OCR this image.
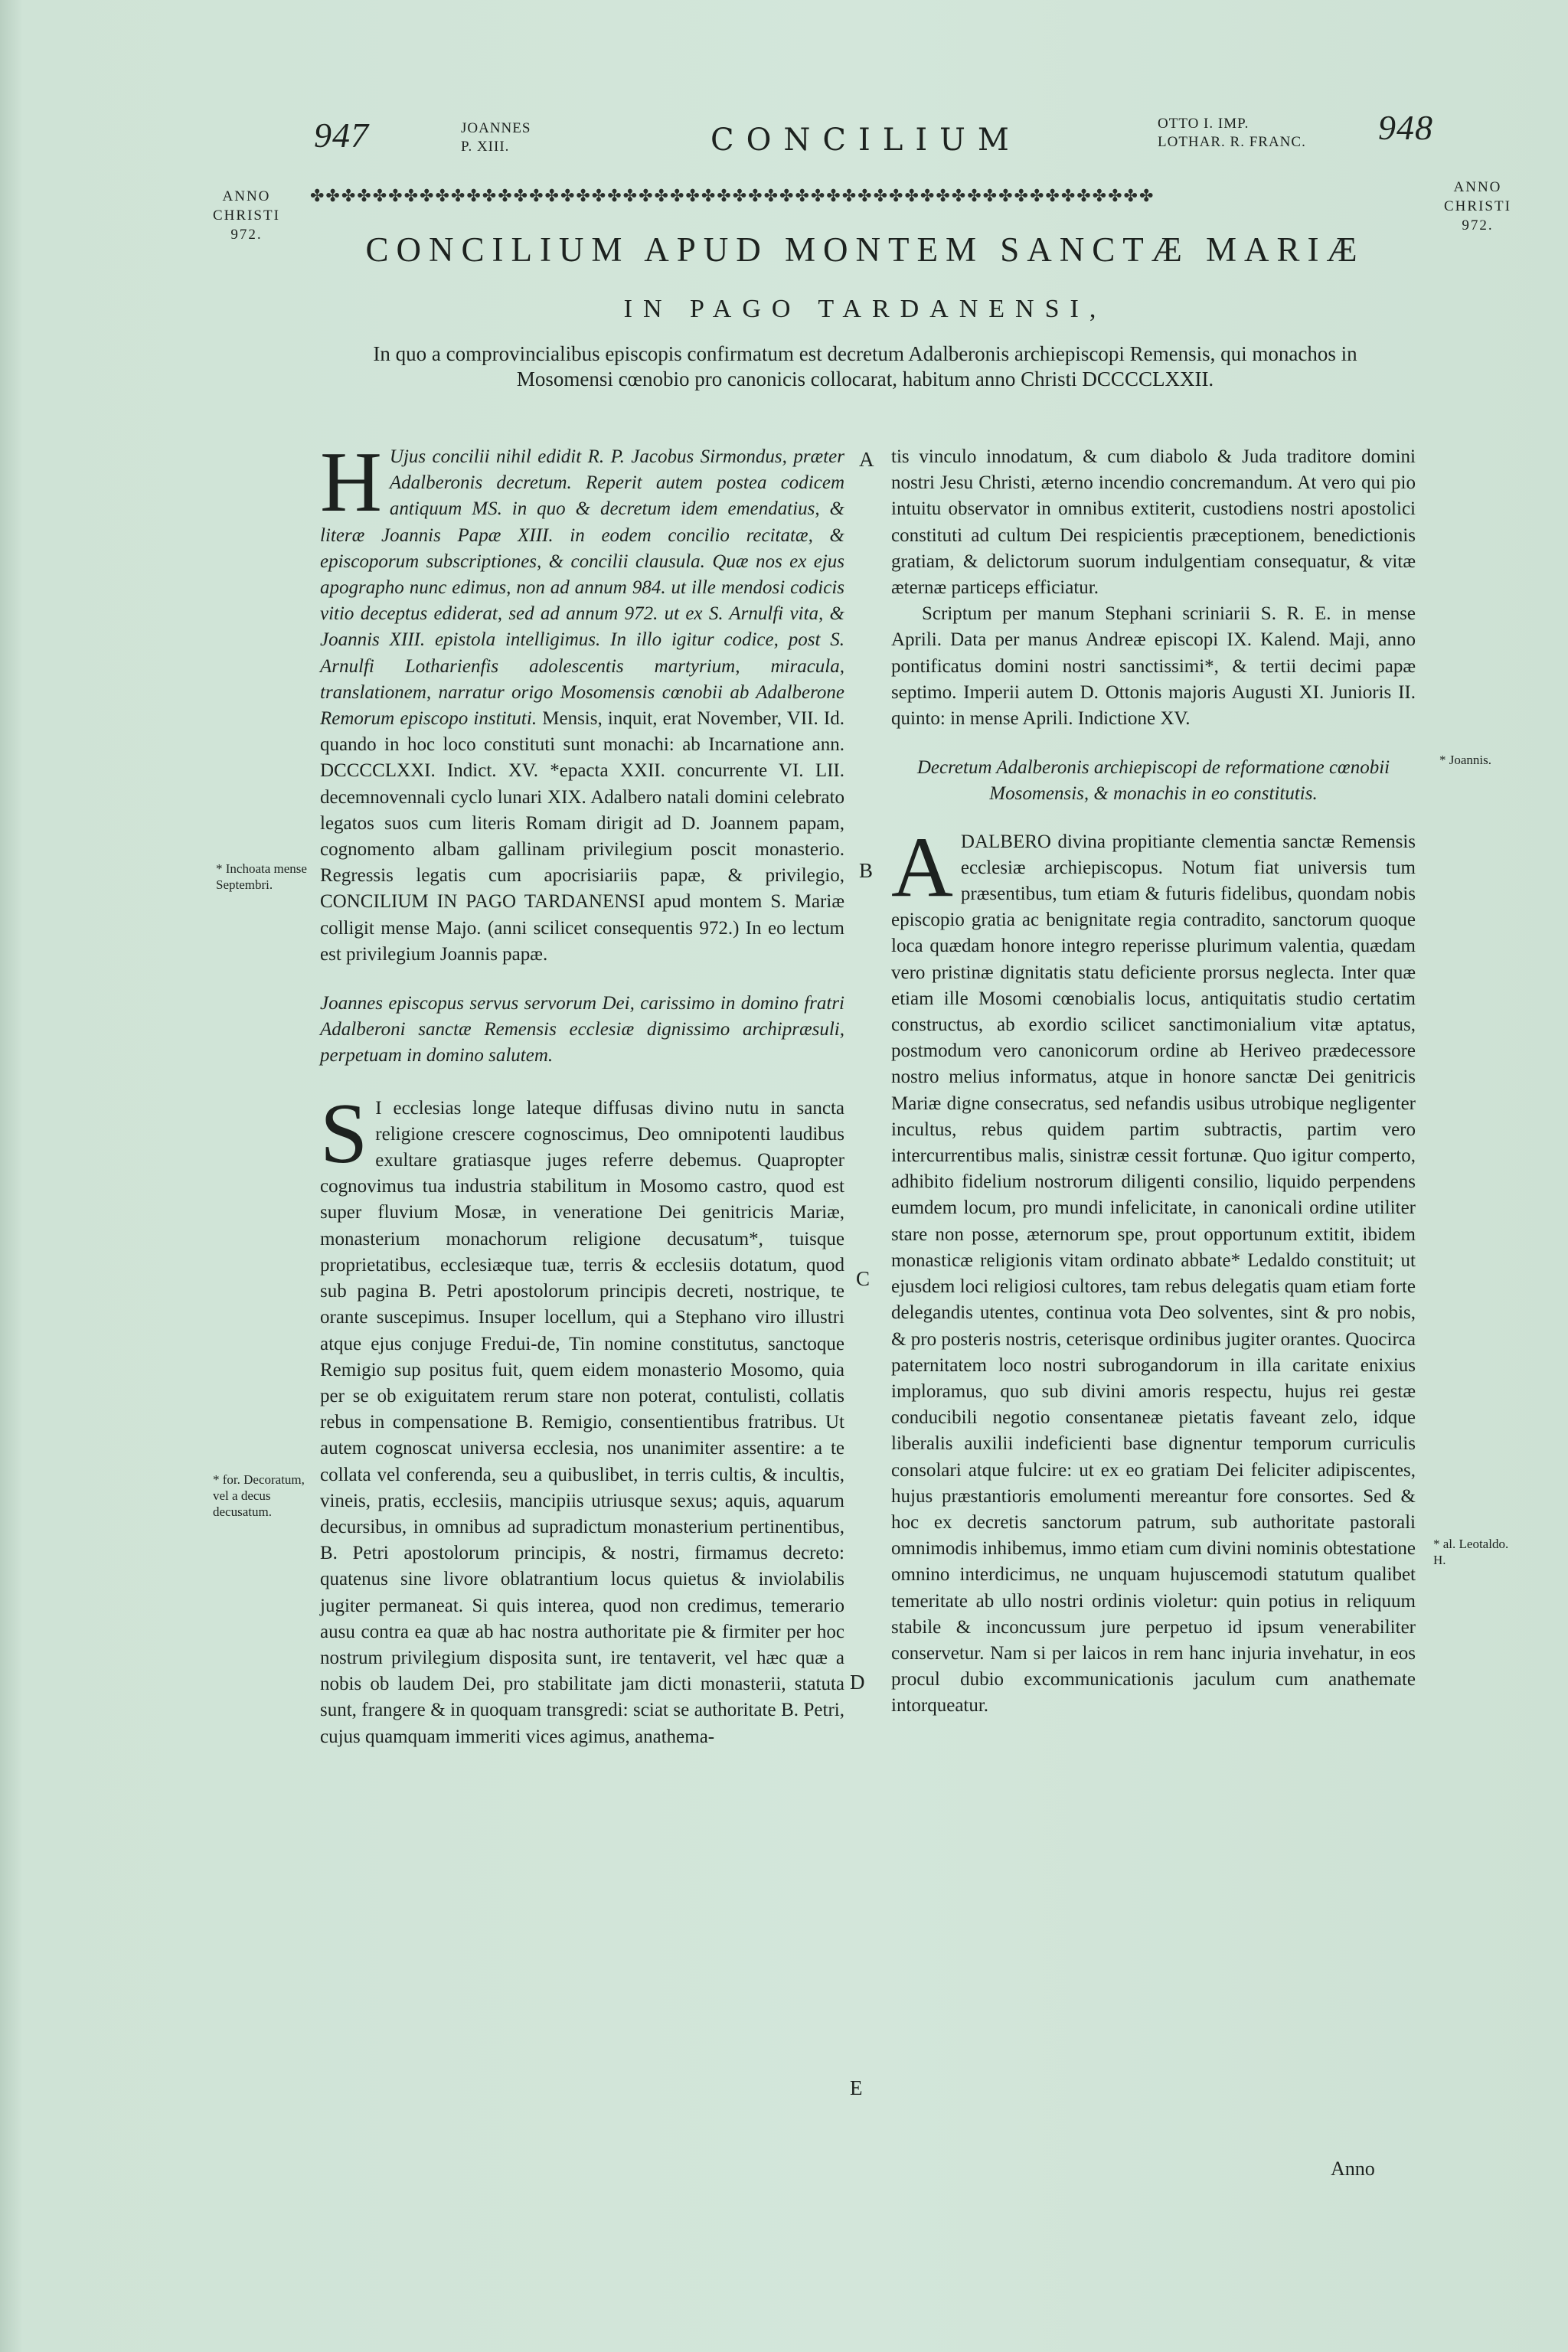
947	JOANNES
P. XIII.	CONCILIUM	OTTO I. IMP.
LOTHAR. R. FRANC. 948
ANNO
CHRISTI
972.
ANNO
CHRISTI
972.
✤✤✤✤✤✤✤✤✤✤✤✤✤✤✤✤✤✤✤✤✤✤✤✤✤✤✤✤✤✤✤✤✤✤✤✤✤✤✤✤✤✤✤✤✤✤✤✤✤✤✤✤✤✤
CONCILIUM APUD MONTEM SANCTÆ MARIÆ
IN PAGO TARDANENSI,
In quo a comprovincialibus episcopis confirmatum est decretum Adalberonis archiepiscopi Remensis, qui monachos in Mosomensi cœnobio pro canonicis collocarat, habitum anno Christi DCCCCLXXII.
A
B
C
D
E
* Inchoata mense Septembri.
* for. Decoratum, vel a decus decusatum.
* Joannis.
* al. Leotaldo. H.

H Ujus concilii nihil edidit R. P. Jacobus Sirmondus, præter Adalberonis decretum. Reperit autem postea codicem antiquum MS. in quo & decretum idem emendatius, & literæ Joannis Papæ XIII. in eodem concilio recitatæ, & episcoporum subscriptiones, & concilii clausula. Quæ nos ex ejus apographo nunc edimus, non ad annum 984. ut ille mendosi codicis vitio deceptus ediderat, sed ad annum 972. ut ex S. Arnulfi vita, & Joannis XIII. epistola intelligimus. In illo igitur codice, post S. Arnulfi Lotharienfis adolescentis martyrium, miracula, translationem, narratur origo Mosomensis cœnobii ab Adalberone Remorum episcopo instituti. Mensis, inquit, erat November, VII. Id. quando in hoc loco constituti sunt monachi: ab Incarnatione ann. DCCCCLXXI. Indict. XV. *epacta XXII. concurrente VI. LII. decemnovennali cyclo lunari XIX. Adalbero natali domini celebrato legatos suos cum literis Romam dirigit ad D. Joannem papam, cognomento albam gallinam privilegium poscit monasterio. Regressis legatis cum apocrisiariis papæ, & privilegio, CONCILIUM IN PAGO TARDANENSI apud montem S. Mariæ colligit mense Majo. (anni scilicet consequentis 972.) In eo lectum est privilegium Joannis papæ.

Joannes episcopus servus servorum Dei, carissimo in domino fratri Adalberoni sanctæ Remensis ecclesiæ dignissimo archipræsuli, perpetuam in domino salutem.

S I ecclesias longe lateque diffusas divino nutu in sancta religione crescere cognoscimus, Deo omnipotenti laudibus exultare gratiasque juges referre debemus. Quapropter cognovimus tua industria stabilitum in Mosomo castro, quod est super fluvium Mosæ, in veneratione Dei genitricis Mariæ, monasterium monachorum religione decusatum*, tuisque proprietatibus, ecclesiæque tuæ, terris & ecclesiis dotatum, quod sub pagina B. Petri apostolorum principis decreti, nostrique, te orante suscepimus. Insuper locellum, qui a Stephano viro illustri atque ejus conjuge Fredui-de, Tin nomine constitutus, sanctoque Remigio sup positus fuit, quem eidem monasterio Mosomo, quia per se ob exiguitatem rerum stare non poterat, contulisti, collatis rebus in compensatione B. Remigio, consentientibus fratribus. Ut autem cognoscat universa ecclesia, nos unanimiter assentire: a te collata vel conferenda, seu a quibuslibet, in terris cultis, & incultis, vineis, pratis, ecclesiis, mancipiis utriusque sexus; aquis, aquarum decursibus, in omnibus ad supradictum monasterium pertinentibus, B. Petri apostolorum principis, & nostri, firmamus decreto: quatenus sine livore oblatrantium locus quietus & inviolabilis jugiter permaneat. Si quis interea, quod non credimus, temerario ausu contra ea quæ ab hac nostra authoritate pie & firmiter per hoc nostrum privilegium disposita sunt, ire tentaverit, vel hæc quæ a nobis ob laudem Dei, pro stabilitate jam dicti monasterii, statuta sunt, frangere & in quoquam transgredi: sciat se authoritate B. Petri, cujus quamquam immeriti vices agimus, anathema-

tis vinculo innodatum, & cum diabolo & Juda traditore domini nostri Jesu Christi, æterno incendio concremandum. At vero qui pio intuitu observator in omnibus extiterit, custodiens nostri apostolici constituti ad cultum Dei respicientis præceptionem, benedictionis gratiam, & delictorum suorum indulgentiam consequatur, & vitæ æternæ particeps efficiatur.

Scriptum per manum Stephani scriniarii S. R. E. in mense Aprili. Data per manus Andreæ episcopi IX. Kalend. Maji, anno pontificatus domini nostri sanctissimi*, & tertii decimi papæ septimo. Imperii autem D. Ottonis majoris Augusti XI. Junioris II. quinto: in mense Aprili. Indictione XV.

Decretum Adalberonis archiepiscopi de reformatione cœnobii Mosomensis, & monachis in eo constitutis.

ADALBERO divina propitiante clementia sanctæ Remensis ecclesiæ archiepiscopus. Notum fiat universis tum præsentibus, tum etiam & futuris fidelibus, quondam nobis episcopio gratia ac benignitate regia contradito, sanctorum quoque loca quædam honore integro reperisse plurimum valentia, quædam vero pristinæ dignitatis statu deficiente prorsus neglecta. Inter quæ etiam ille Mosomi cœnobialis locus, antiquitatis studio certatim constructus, ab exordio scilicet sanctimonialium vitæ aptatus, postmodum vero canonicorum ordine ab Heriveo prædecessore nostro melius informatus, atque in honore sanctæ Dei genitricis Mariæ digne consecratus, sed nefandis usibus utrobique negligenter incultus, rebus quidem partim subtractis, partim vero intercurrentibus malis, sinistræ cessit fortunæ. Quo igitur comperto, adhibito fidelium nostrorum diligenti consilio, liquido perpendens eumdem locum, pro mundi infelicitate, in canonicali ordine utiliter stare non posse, æternorum spe, prout opportunum extitit, ibidem monasticæ religionis vitam ordinato abbate* Ledaldo constituit; ut ejusdem loci religiosi cultores, tam rebus delegatis quam etiam forte delegandis utentes, continua vota Deo solventes, sint & pro nobis, & pro posteris nostris, ceterisque ordinibus jugiter orantes. Quocirca paternitatem loco nostri subrogandorum in illa caritate enixius imploramus, quo sub divini amoris respectu, hujus rei gestæ conducibili negotio consentaneæ pietatis faveant zelo, idque liberalis auxilii indeficienti base dignentur temporum curriculis consolari atque fulcire: ut ex eo gratiam Dei feliciter adipiscentes, hujus præstantioris emolumenti mereantur fore consortes. Sed & hoc ex decretis sanctorum patrum, sub authoritate pastorali omnimodis inhibemus, immo etiam cum divini nominis obtestatione omnino interdicimus, ne unquam hujuscemodi statutum qualibet temeritate ab ullo nostri ordinis violetur: quin potius in reliquum stabile & inconcussum jure perpetuo id ipsum venerabiliter conservetur. Nam si per laicos in rem hanc injuria invehatur, in eos procul dubio excommunicationis jaculum cum anathemate intorqueatur.

Anno
